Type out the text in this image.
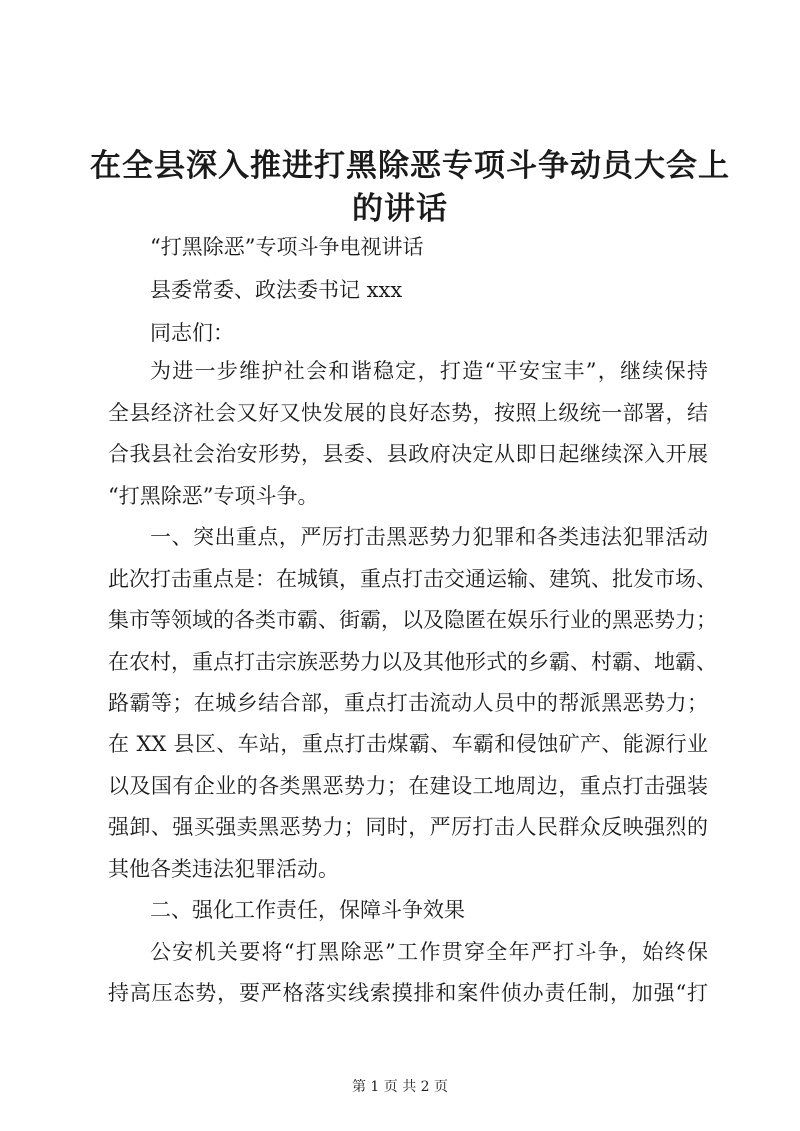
在全县深入推进打黑除恶专项斗争动员大会上
的讲话
“打黑除恶”专项斗争电视讲话
县委常委、政法委书记 xxx
同志们：
为进一步维护社会和谐稳定，打造“平安宝丰”，继续保持
全县经济社会又好又快发展的良好态势，按照上级统一部署，结
合我县社会治安形势，县委、县政府决定从即日起继续深入开展
“打黑除恶”专项斗争。
一、突出重点，严厉打击黑恶势力犯罪和各类违法犯罪活动
此次打击重点是：在城镇，重点打击交通运输、建筑、批发市场、
集市等领域的各类市霸、街霸，以及隐匿在娱乐行业的黑恶势力；
在农村，重点打击宗族恶势力以及其他形式的乡霸、村霸、地霸、
路霸等；在城乡结合部，重点打击流动人员中的帮派黑恶势力；
在 XX 县区、车站，重点打击煤霸、车霸和侵蚀矿产、能源行业
以及国有企业的各类黑恶势力；在建设工地周边，重点打击强装
强卸、强买强卖黑恶势力；同时，严厉打击人民群众反映强烈的
其他各类违法犯罪活动。
二、强化工作责任，保障斗争效果
公安机关要将“打黑除恶”工作贯穿全年严打斗争，始终保
持高压态势，要严格落实线索摸排和案件侦办责任制，加强“打
第 1 页 共 2 页
